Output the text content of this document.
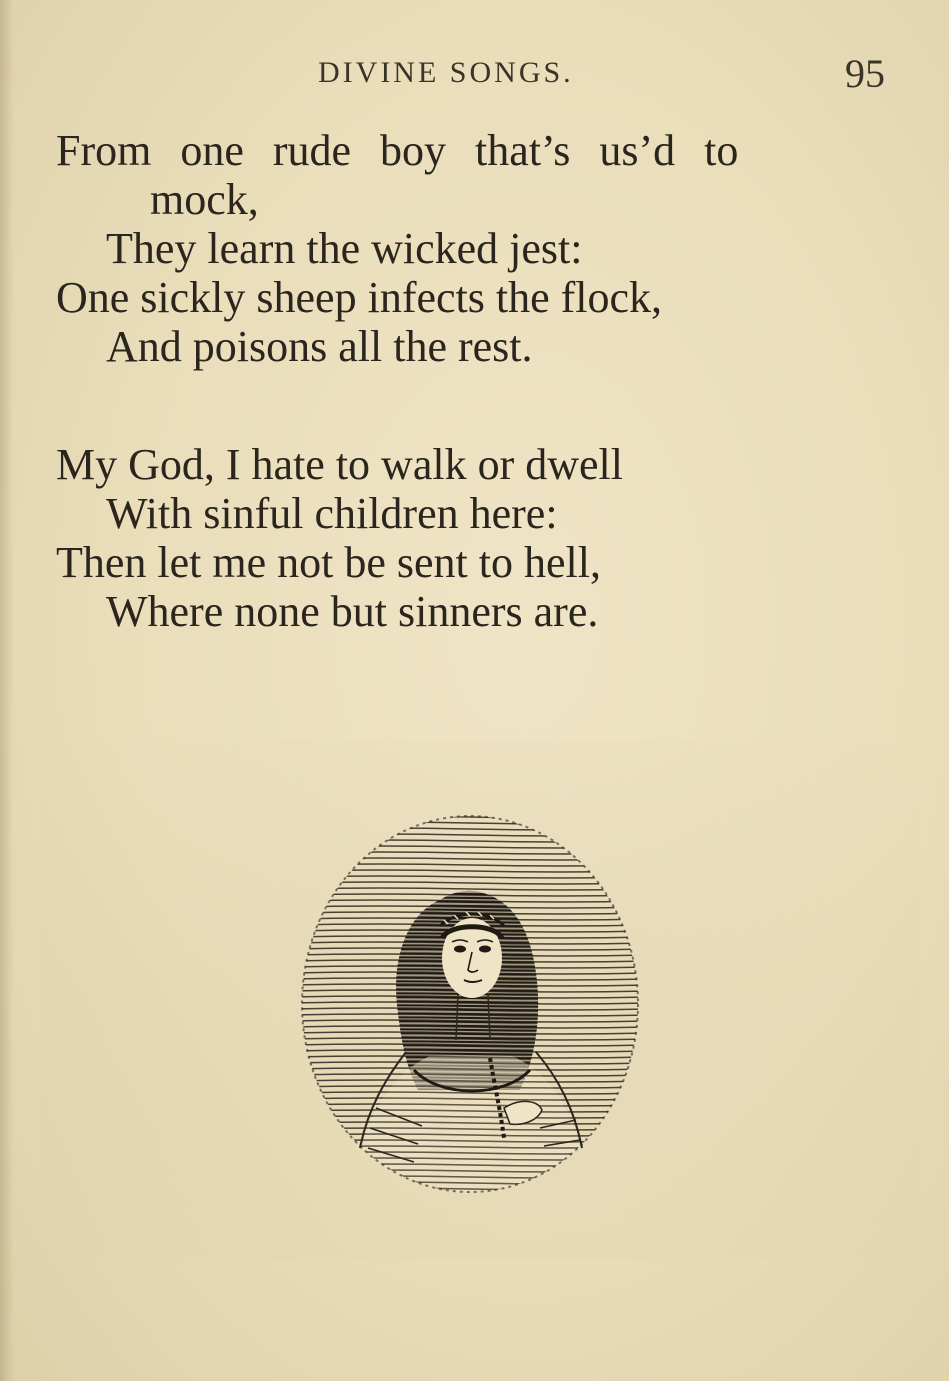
DIVINE SONGS.	95
From one rude boy that’s us’d to
mock,
They learn the wicked jest:
One sickly sheep infects the flock,
And poisons all the rest.
My God, I hate to walk or dwell
With sinful children here:
Then let me not be sent to hell,
Where none but sinners are.
